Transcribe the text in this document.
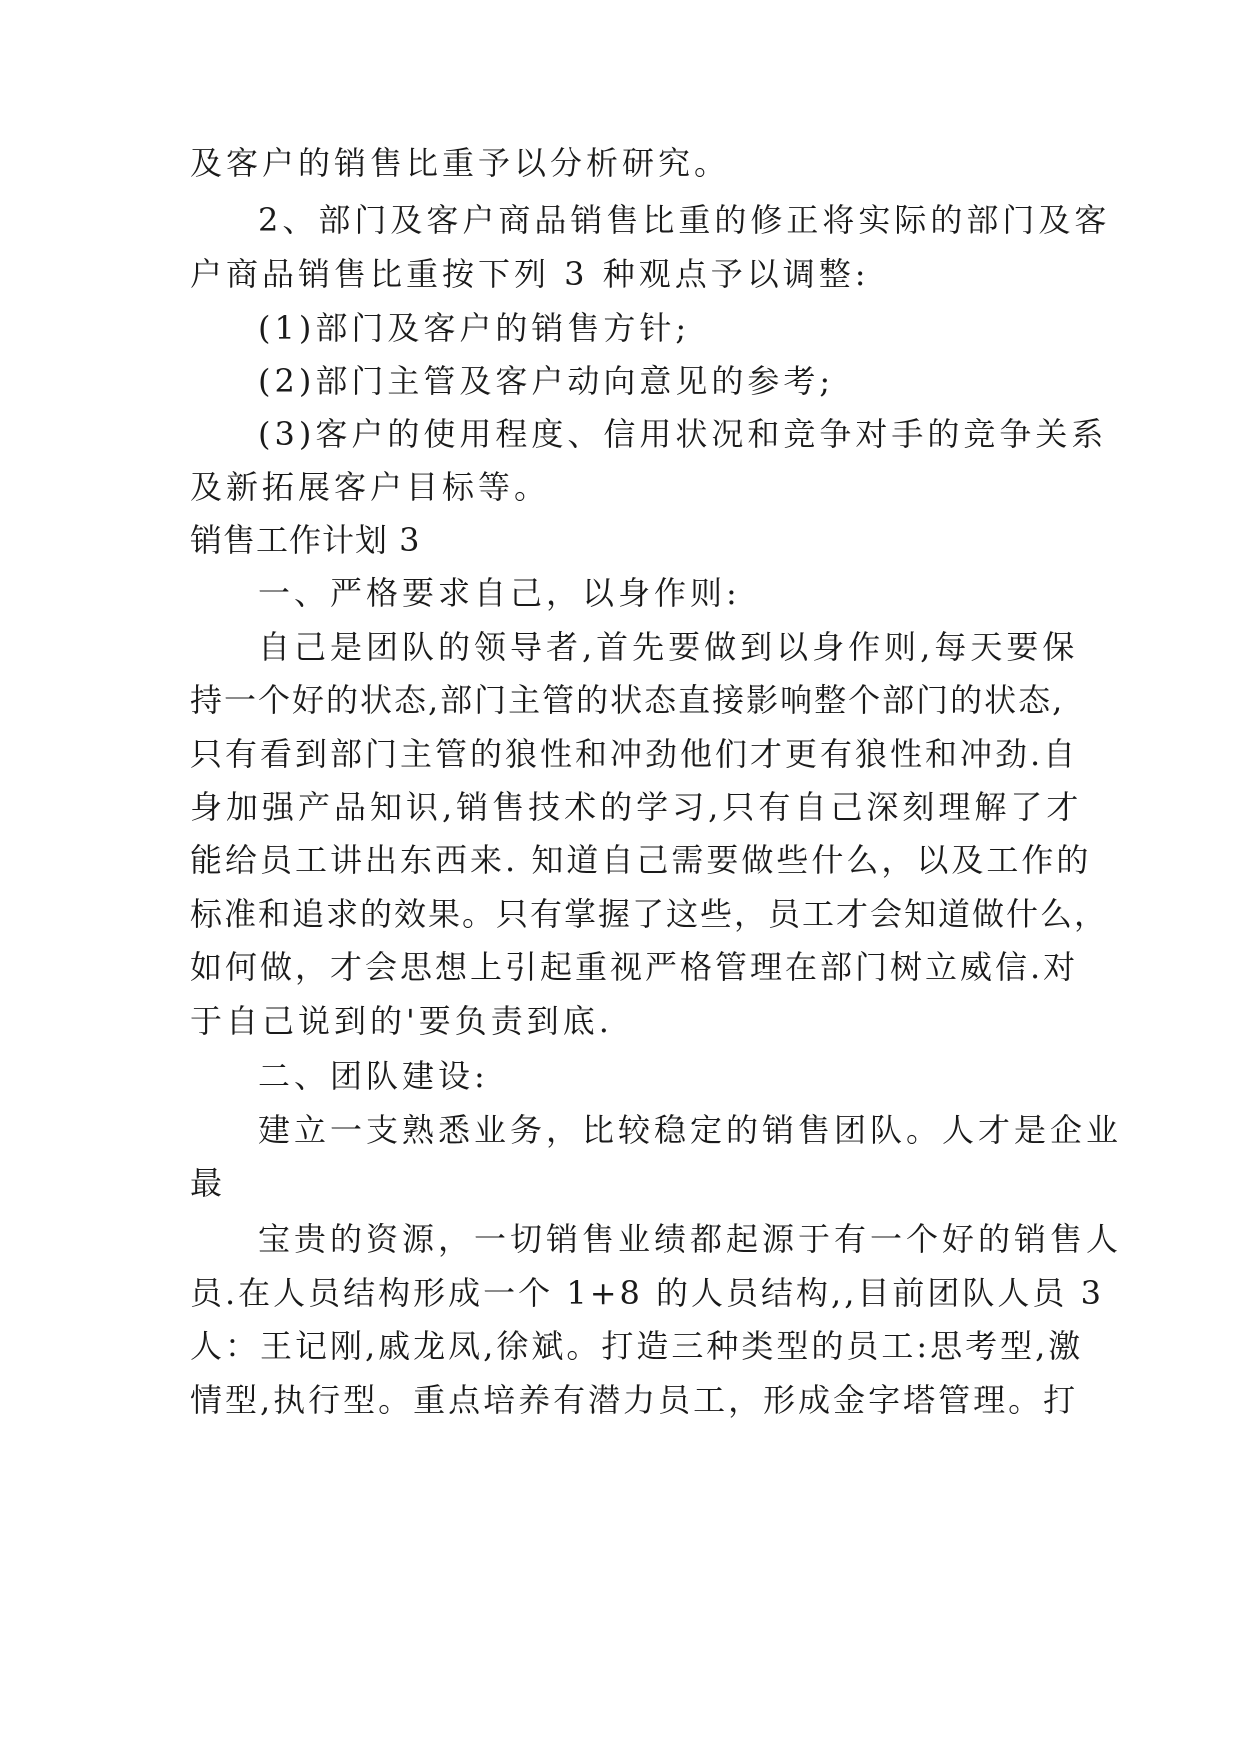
及客户的销售比重予以分析研究。
2、部门及客户商品销售比重的修正将实际的部门及客
户商品销售比重按下列 3 种观点予以调整:
(1)部门及客户的销售方针;
(2)部门主管及客户动向意见的参考;
(3)客户的使用程度、信用状况和竞争对手的竞争关系
及新拓展客户目标等。
销售工作计划 3
一、严格要求自己，以身作则:
自己是团队的领导者,首先要做到以身作则,每天要保
持一个好的状态,部门主管的状态直接影响整个部门的状态,
只有看到部门主管的狼性和冲劲他们才更有狼性和冲劲.自
身加强产品知识,销售技术的学习,只有自己深刻理解了才
能给员工讲出东西来. 知道自己需要做些什么，以及工作的
标准和追求的效果。只有掌握了这些，员工才会知道做什么，
如何做，才会思想上引起重视严格管理在部门树立威信.对
于自己说到的'要负责到底.
二、团队建设:
建立一支熟悉业务，比较稳定的销售团队。人才是企业
最
宝贵的资源，一切销售业绩都起源于有一个好的销售人
员.在人员结构形成一个 1+8 的人员结构,,目前团队人员 3
人：王记刚,戚龙凤,徐斌。打造三种类型的员工:思考型,激
情型,执行型。重点培养有潜力员工，形成金字塔管理。打
